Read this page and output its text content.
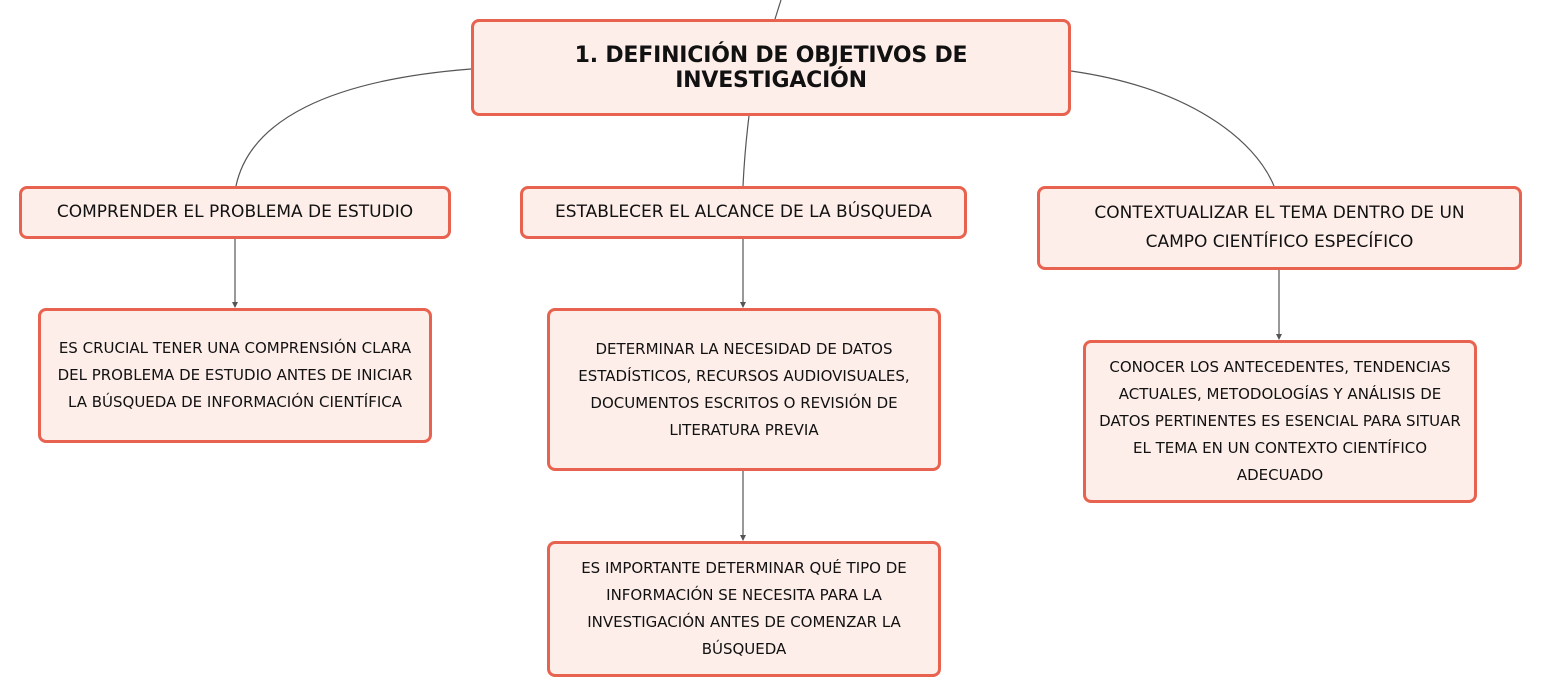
1. DEFINICIÓN DE OBJETIVOS DE INVESTIGACIÓN
COMPRENDER EL PROBLEMA DE ESTUDIO	ESTABLECER EL ALCANCE DE LA BÚSQUEDA	CONTEXTUALIZAR EL TEMA DENTRO DE UN CAMPO CIENTÍFICO ESPECÍFICO
ES CRUCIAL TENER UNA COMPRENSIÓN CLARA DEL PROBLEMA DE ESTUDIO ANTES DE INICIAR LA BÚSQUEDA DE INFORMACIÓN CIENTÍFICA
DETERMINAR LA NECESIDAD DE DATOS ESTADÍSTICOS, RECURSOS AUDIOVISUALES, DOCUMENTOS ESCRITOS O REVISIÓN DE LITERATURA PREVIA
ES IMPORTANTE DETERMINAR QUÉ TIPO DE INFORMACIÓN SE NECESITA PARA LA INVESTIGACIÓN ANTES DE COMENZAR LA BÚSQUEDA
CONOCER LOS ANTECEDENTES, TENDENCIAS ACTUALES, METODOLOGÍAS Y ANÁLISIS DE DATOS PERTINENTES ES ESENCIAL PARA SITUAR EL TEMA EN UN CONTEXTO CIENTÍFICO ADECUADO
